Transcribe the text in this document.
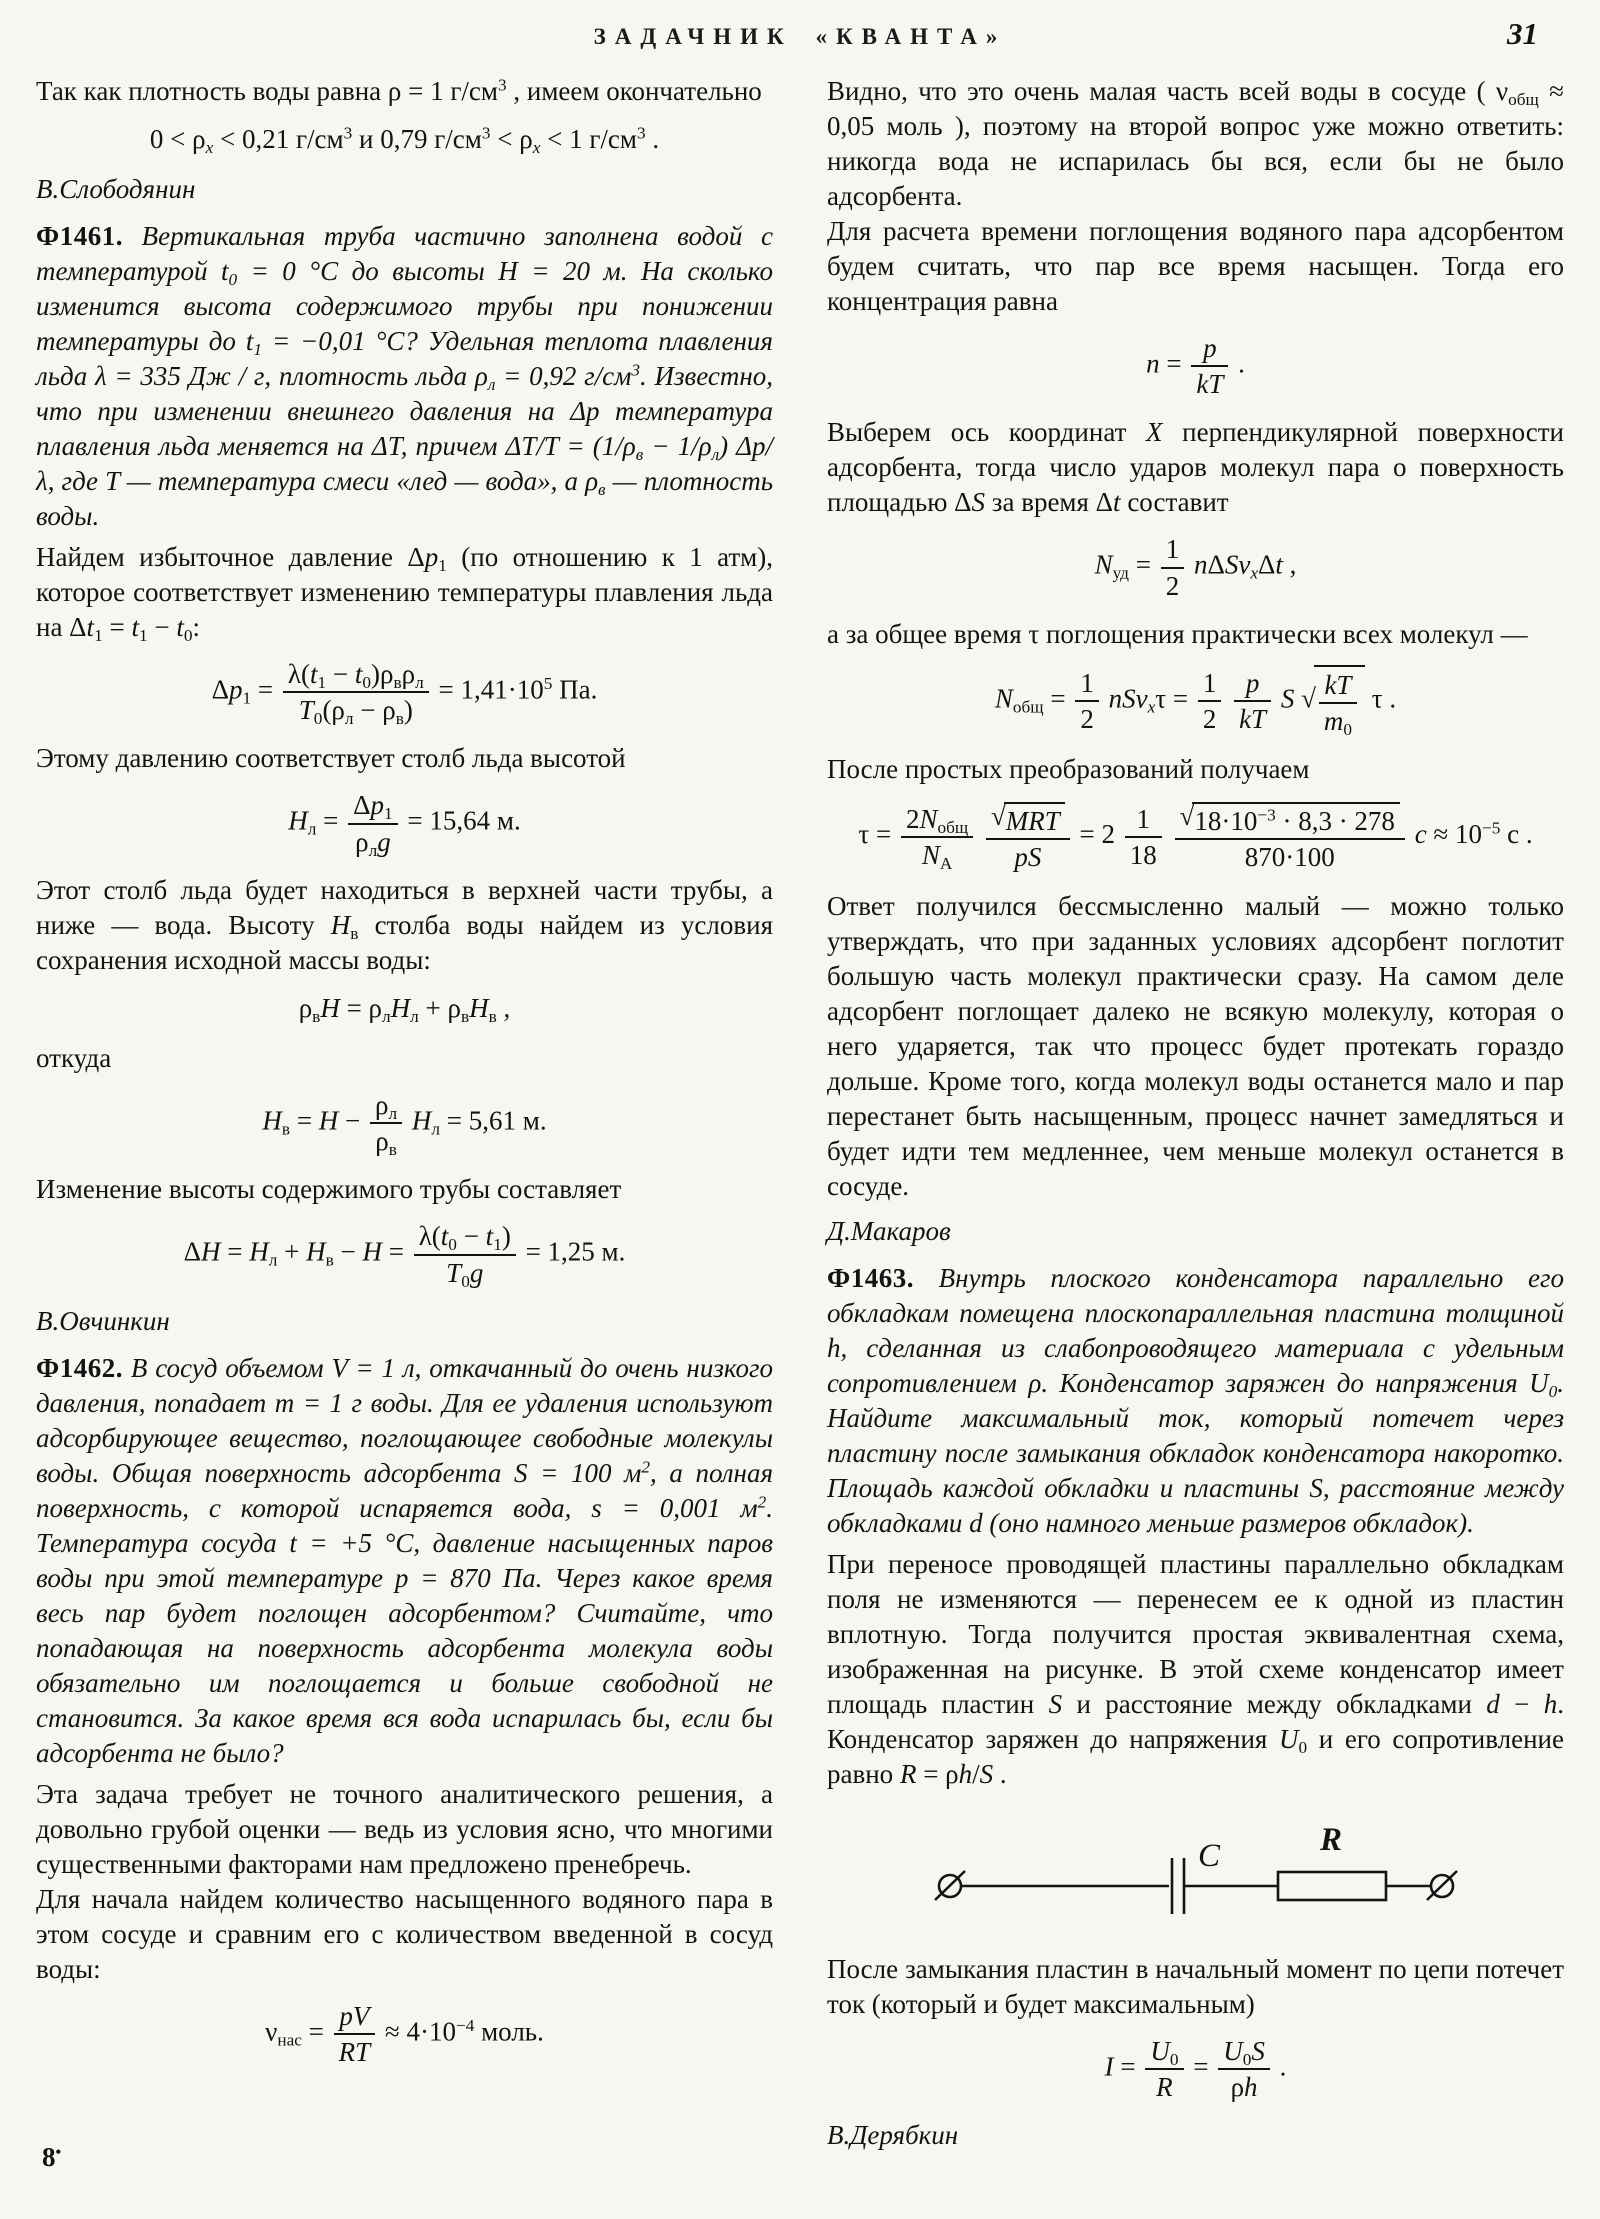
ЗАДАЧНИК «КВАНТА»	31
Так как плотность воды равна ρ = 1 $г/см^3$ , имеем окончательно
$0 < \rho_x < 0,21$ $г/см^3$ и 0,79 $г/см^3 < \rho_x < 1$ $г/см^3$ .
В.Слободянин
Ф1461. Вертикальная труба частично заполнена водой с температурой $t_0 = 0$ °C до высоты H = 20 м. На сколько изменится высота содержимого трубы при понижении температуры до $t_1 = -0,01$ °C? Удельная теплота плавления льда λ = 335 Дж / г, плотность льда $\rho_л = 0,92$ $г/см^3$. Известно, что при изменении внешнего давления на Δp температура плавления льда меняется на ΔT, причем $\Delta T/T = (1/\rho_в - 1/\rho_л)$ Δp/λ, где T — температура смеси «лед — вода», а $\rho_в$ — плотность воды.
Найдем избыточное давление $\Delta p_1$ (по отношению к 1 атм), которое соответствует изменению температуры плавления льда на $\Delta t_1 = t_1 - t_0$:
$\Delta p_1$ =
$\lambda(t_1 - t_0)\rho_в\rho_л$
$T_0(\rho_л - \rho_в)$
= $1,41\cdot 10^5$ Па.
Этому давлению соответствует столб льда высотой
$H_л$ =
$\Delta p_1$
$\rho_лg$
= 15,64 м.
Этот столб льда будет находиться в верхней части трубы, а ниже — вода. Высоту $H_в$ столба воды найдем из условия сохранения исходной массы воды:
$\rho_вH = \rho_лH_л + \rho_вH_в$ ,
откуда
$H_в = H$ −
$\rho_л$
$\rho_в$
$H_л = 5,61$ м.
Изменение высоты содержимого трубы составляет
$\Delta H = H_л + H_в - H = \frac{\lambda(t_0 - t_1)}{T_0g} = 1,25$ м.
В.Овчинкин
Ф1462. В сосуд объемом V = 1 л, откачанный до очень низкого давления, попадает m = 1 г воды. Для ее удаления используют адсорбирующее вещество, поглощающее свободные молекулы воды. Общая поверхность адсорбента S = 100 $м^2$, а полная поверхность, с которой испаряется вода, s = 0,001 $м^2$. Температура сосуда t = +5 °C, давление насыщенных паров воды при этой температуре p = 870 Па. Через какое время весь пар будет поглощен адсорбентом? Считайте, что попадающая на поверхность адсорбента молекула воды обязательно им поглощается и больше свободной не становится. За какое время вся вода испарилась бы, если бы адсорбента не было?
Эта задача требует не точного аналитического решения, а довольно грубой оценки — ведь из условия ясно, что многими существенными факторами нам предложено пренебречь.
Для начала найдем количество насыщенного водяного пара в этом сосуде и сравним его с количеством введенной в сосуд воды:
$\nu_{нас} = \frac{pV}{RT} \approx 4\cdot 10^{-4}$ моль.
Видно, что это очень малая часть всей воды в сосуде ( $\nu_{общ} \approx 0,05$ моль ), поэтому на второй вопрос уже можно ответить: никогда вода не испарилась бы вся, если бы не было адсорбента.
Для расчета времени поглощения водяного пара адсорбентом будем считать, что пар все время насыщен. Тогда его концентрация равна
$n = \frac{p}{kT}$ .
Выберем ось координат X перпендикулярной поверхности адсорбента, тогда число ударов молекул пара о поверхность площадью ΔS за время Δt составит
$N_{уд} = \frac{1}{2} n\Delta Sv_x\Delta t$ ,
а за общее время τ поглощения практически всех молекул —
$N_{общ} = \frac{1}{2} nSv_x\tau = \frac{1}{2}$
$\frac{p}{kT}$ S √ $\frac{kT}{m_0}$ τ .
После простых преобразований получаем
τ =
$2N_{общ}$
$N_А$

√MRT
pS
= $2 \frac{1}{18}$
$\frac{√18\cdot 10^{-3} \cdot 8,3 \cdot 278}{870\cdot 100}$ $с \approx 10^{-5}$ с .
Ответ получился бессмысленно малый — можно только утверждать, что при заданных условиях адсорбент поглотит большую часть молекул практически сразу. На самом деле адсорбент поглощает далеко не всякую молекулу, которая о него ударяется, так что процесс будет протекать гораздо дольше. Кроме того, когда молекул воды останется мало и пар перестанет быть насыщенным, процесс начнет замедляться и будет идти тем медленнее, чем меньше молекул останется в сосуде.
Д.Макаров
Ф1463. Внутрь плоского конденсатора параллельно его обкладкам помещена плоскопараллельная пластина толщиной h, сделанная из слабопроводящего материала с удельным сопротивлением ρ. Конденсатор заряжен до напряжения $U_0$. Найдите максимальный ток, который потечет через пластину после замыкания обкладок конденсатора накоротко. Площадь каждой обкладки и пластины S, расстояние между обкладками d (оно намного меньше размеров обкладок).
При переносе проводящей пластины параллельно обкладкам поля не изменяются — перенесем ее к одной из пластин вплотную. Тогда получится простая эквивалентная схема, изображенная на рисунке. В этой схеме конденсатор имеет площадь пластин S и расстояние между обкладками d − h. Конденсатор заряжен до напряжения $U_0$ и его сопротивление равно R = ρh/S .
C	R
После замыкания пластин в начальный момент по цепи потечет ток (который и будет максимальным)
$I = \frac{U_0}{R} = \frac{U_0S}{\rho h}$ .
В.Дерябкин
8•
